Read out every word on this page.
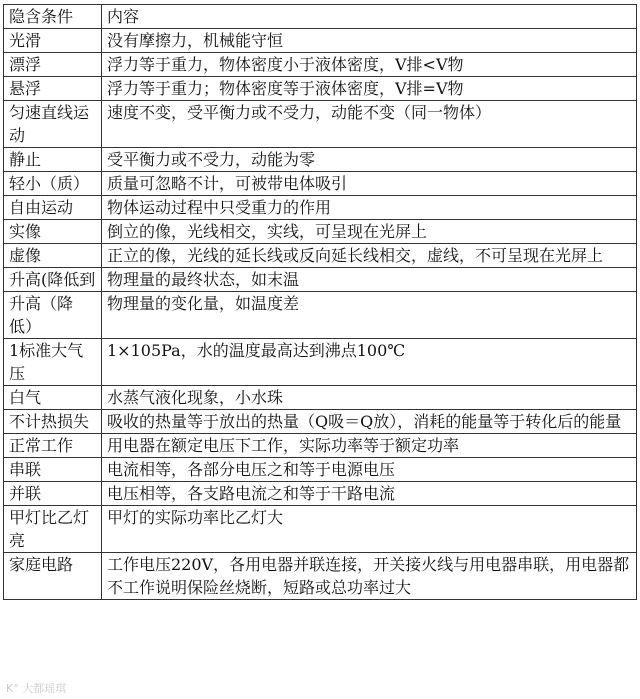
隐含条件	内容
光滑	没有摩擦力，机械能守恒
漂浮	浮力等于重力，物体密度小于液体密度，V排<V物
悬浮	浮力等于重力；物体密度等于液体密度，V排=V物
匀速直线运动	速度不变，受平衡力或不受力，动能不变（同一物体）
静止	受平衡力或不受力，动能为零
轻小（质）	质量可忽略不计，可被带电体吸引
自由运动	物体运动过程中只受重力的作用
实像	倒立的像，光线相交，实线，可呈现在光屏上
虚像	正立的像，光线的延长线或反向延长线相交，虚线，不可呈现在光屏上
升高(降低到	物理量的最终状态，如末温
升高（降低）	物理量的变化量，如温度差
1标准大气压	1×105Pa，水的温度最高达到沸点100℃
白气	水蒸气液化现象，小水珠
不计热损失	吸收的热量等于放出的热量（Q吸＝Q放），消耗的能量等于转化后的能量
正常工作	用电器在额定电压下工作，实际功率等于额定功率
串联	电流相等，各部分电压之和等于电源电压
并联	电压相等，各支路电流之和等于干路电流
甲灯比乙灯亮	甲灯的实际功率比乙灯大
家庭电路	工作电压220V，各用电器并联连接，开关接火线与用电器串联，用电器都不工作说明保险丝烧断，短路或总功率过大
K° 大都瑶琪
